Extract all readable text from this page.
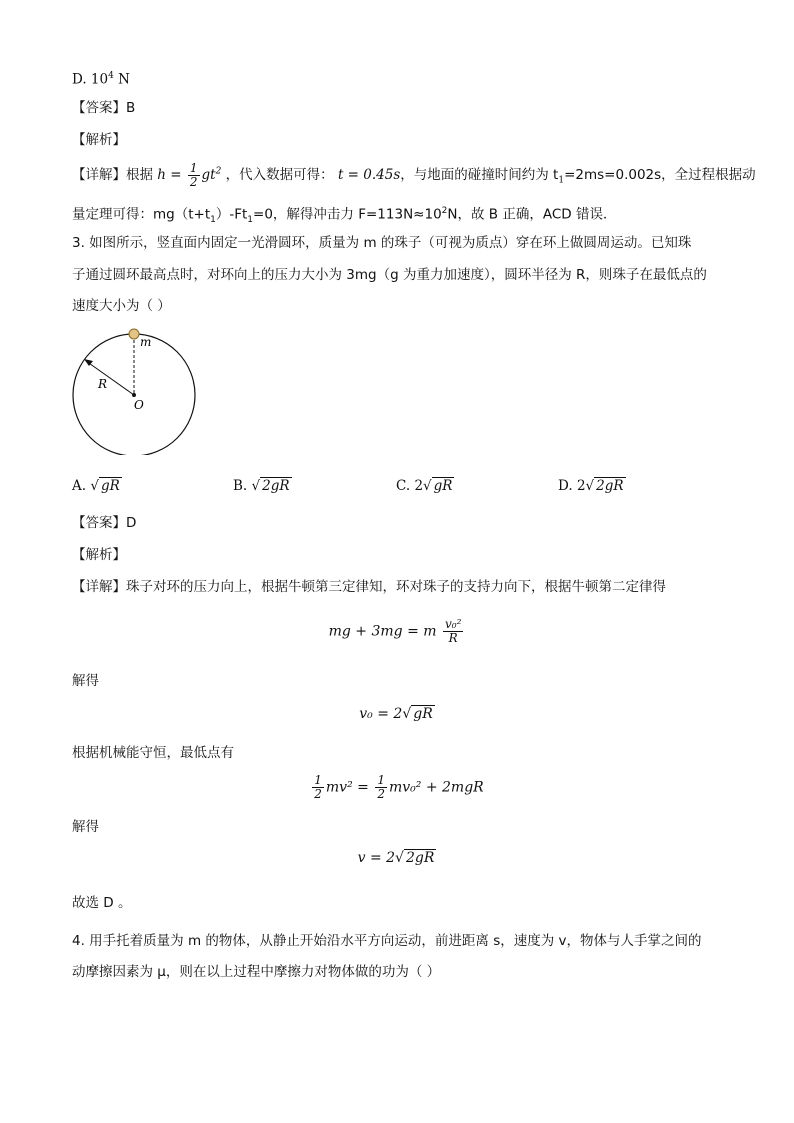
D. $10^4$ N
【答案】B
【解析】
【详解】根据 $h = \frac{1}{2} gt^2$ ，代入数据可得： t = 0.45s，与地面的碰撞时间约为 $t_1=2ms=0.002s$，全过程根据动
量定理可得：$mg(t+t_1)-Ft_1=0$，解得冲击力 $F=113N\approx 10^2N$，故 B 正确，ACD 错误．
3. 如图所示，竖直面内固定一光滑圆环，质量为 m 的珠子（可视为质点）穿在环上做圆周运动。已知珠
子通过圆环最高点时，对环向上的压力大小为 3mg（g 为重力加速度），圆环半径为 R，则珠子在最低点的
速度大小为（ ）
m
R
O
A. √ gR	B. √ 2gR	C. 2√ gR	D. 2√ 2gR
【答案】D
【解析】
【详解】珠子对环的压力向上，根据牛顿第三定律知，环对珠子的支持力向下，根据牛顿第二定律得
mg + 3mg = m $\frac{\text{v₀²}}{R}$
解得
v₀ = 2√ gR
根据机械能守恒，最低点有
$\frac{1}{2} mv^2 = \frac{1}{2} mv_0^2 + 2mgR$
解得
v = 2√ 2gR
故选 D 。
4. 用手托着质量为 m 的物体，从静止开始沿水平方向运动，前进距离 s，速度为 v，物体与人手掌之间的
动摩擦因素为 μ，则在以上过程中摩擦力对物体做的功为（ ）
